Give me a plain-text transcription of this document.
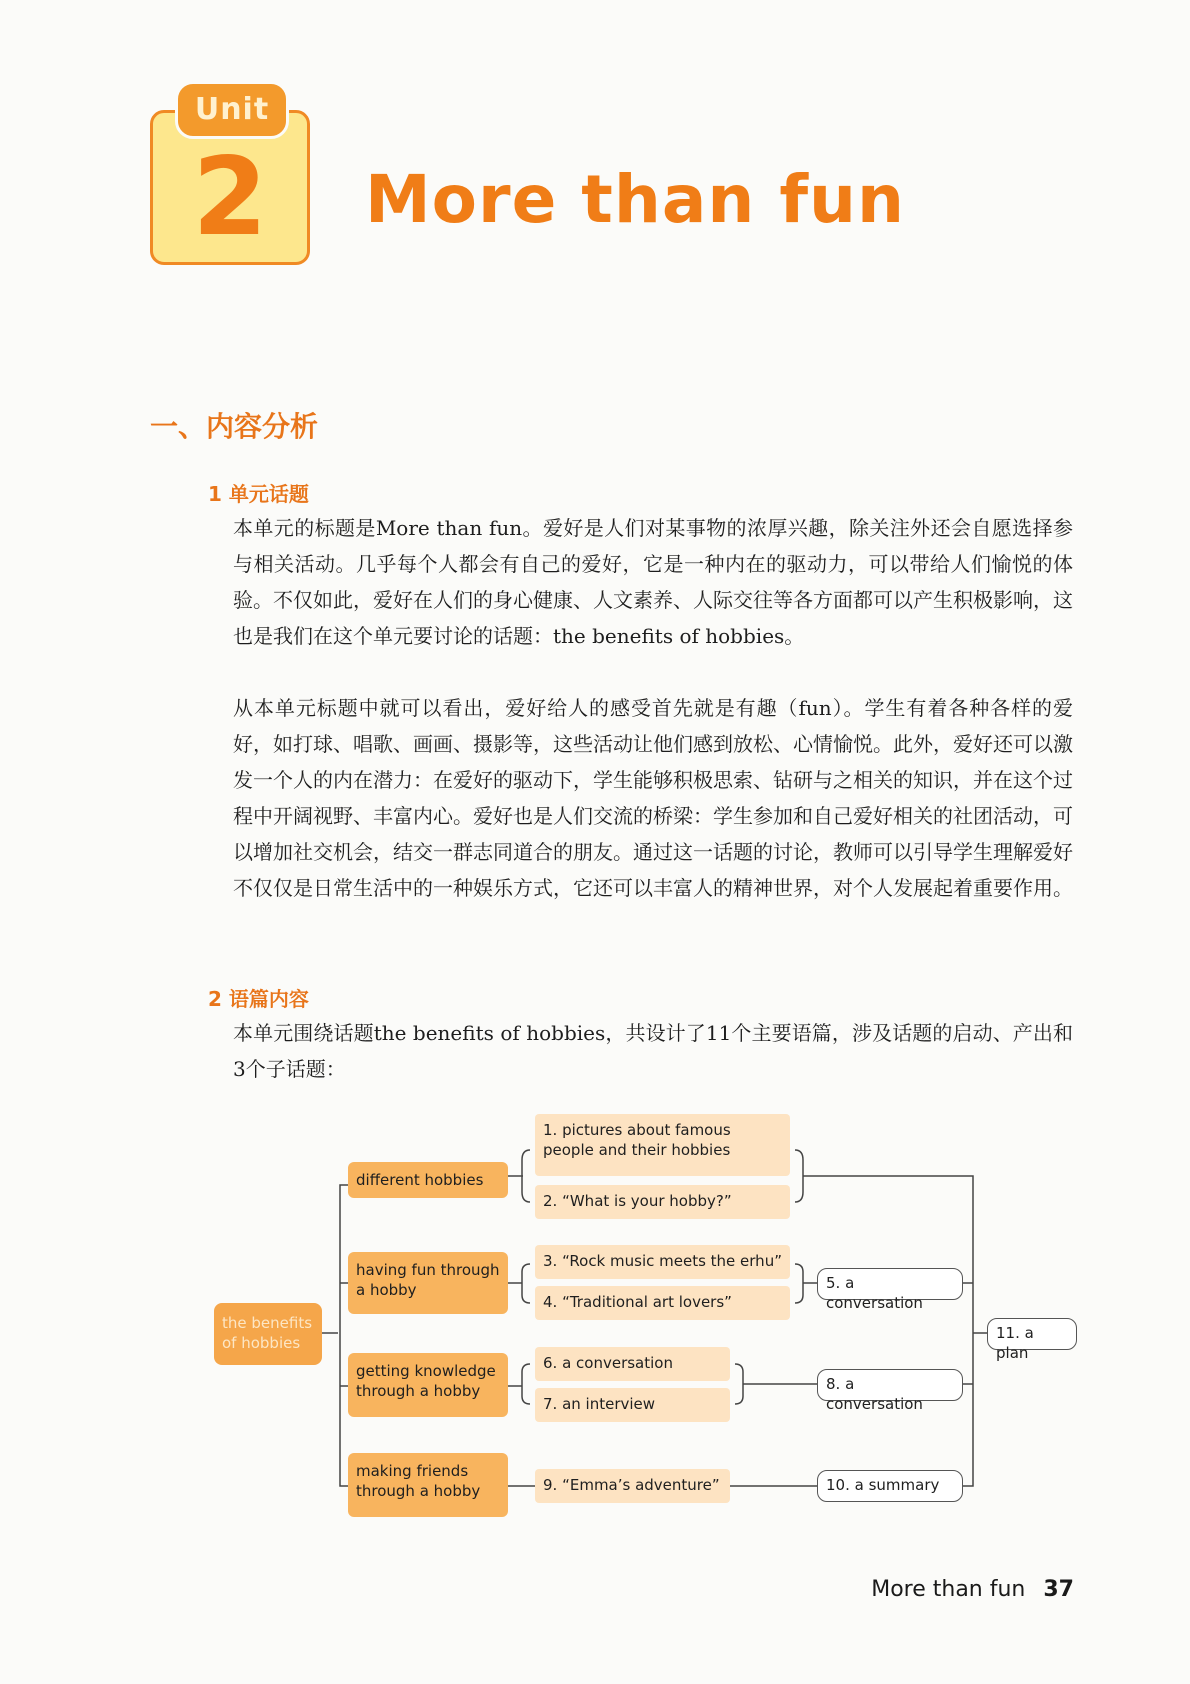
Unit
2	More than fun
一、内容分析
1 单元话题

本单元的标题是More than fun。爱好是人们对某事物的浓厚兴趣，除关注外还会自愿选择参与相关活动。几乎每个人都会有自己的爱好，它是一种内在的驱动力，可以带给人们愉悦的体验。不仅如此，爱好在人们的身心健康、人文素养、人际交往等各方面都可以产生积极影响，这也是我们在这个单元要讨论的话题：the benefits of hobbies。

从本单元标题中就可以看出，爱好给人的感受首先就是有趣（fun）。学生有着各种各样的爱好，如打球、唱歌、画画、摄影等，这些活动让他们感到放松、心情愉悦。此外，爱好还可以激发一个人的内在潜力：在爱好的驱动下，学生能够积极思索、钻研与之相关的知识，并在这个过程中开阔视野、丰富内心。爱好也是人们交流的桥梁：学生参加和自己爱好相关的社团活动，可以增加社交机会，结交一群志同道合的朋友。通过这一话题的讨论，教师可以引导学生理解爱好不仅仅是日常生活中的一种娱乐方式，它还可以丰富人的精神世界，对个人发展起着重要作用。

2 语篇内容

本单元围绕话题the benefits of hobbies，共设计了11个主要语篇，涉及话题的启动、产出和3个子话题：

the benefits of hobbies
different hobbies
having fun through a hobby
getting knowledge through a hobby
making friends through a hobby
1. pictures about famous people and their hobbies
2. “What is your hobby?”
3. “Rock music meets the erhu”
4. “Traditional art lovers”
6. a conversation
7. an interview
9. “Emma’s adventure”
5. a conversation
8. a conversation
10. a summary
11. a plan
More than fun 37
